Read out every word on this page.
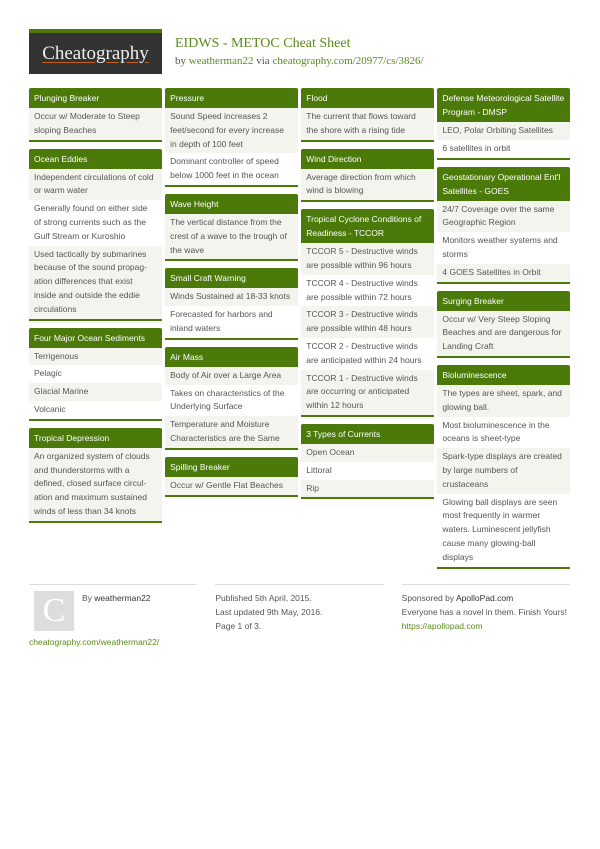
Cheatography EIDWS - METOC Cheat Sheet
by weatherman22 via cheatography.com/20977/cs/3826/
Plunging Breaker
Occur w/ Moderate to Steep sloping Beaches
Ocean Eddies
Independent circulations of cold or warm water
Generally found on either side of strong currents such as the Gulf Stream or Kuroshio
Used tactically by submarines because of the sound propagation differences that exist inside and outside the eddie circulations
Four Major Ocean Sediments
Terrigenous
Pelagic
Glacial Marine
Volcanic
Tropical Depression
An organized system of clouds and thunderstorms with a defined, closed surface circulation and maximum sustained winds of less than 34 knots
Pressure
Sound Speed increases 2 feet/second for every increase in depth of 100 feet
Dominant controller of speed below 1000 feet in the ocean
Wave Height
The vertical distance from the crest of a wave to the trough of the wave
Small Craft Warning
Winds Sustained at 18-33 knots
Forecasted for harbors and inland waters
Air Mass
Body of Air over a Large Area
Takes on characteristics of the Underlying Surface
Temperature and Moisture Characteristics are the Same
Spilling Breaker
Occur w/ Gentle Flat Beaches
Flood
The current that flows toward the shore with a rising tide
Wind Direction
Average direction from which wind is blowing
Tropical Cyclone Conditions of Readiness - TCCOR
TCCOR 5 - Destructive winds are possible within 96 hours
TCCOR 4 - Destructive winds are possible within 72 hours
TCCOR 3 - Destructive winds are possible within 48 hours
TCCOR 2 - Destructive winds are anticipated within 24 hours
TCCOR 1 - Destructive winds are occurring or anticipated within 12 hours
3 Types of Currents
Open Ocean
Littoral
Rip
Defense Meteorological Satellite Program - DMSP
LEO, Polar Orbiting Satellites
6 satellites in orbit
Geostationary Operational Ent'l Satellites - GOES
24/7 Coverage over the same Geographic Region
Monitors weather systems and storms
4 GOES Satellites in Orbit
Surging Breaker
Occur w/ Very Steep Sloping Beaches and are dangerous for Landing Craft
Bioluminescence
The types are sheet, spark, and glowing ball.
Most bioluminescence in the oceans is sheet-type
Spark-type displays are created by large numbers of crustaceans
Glowing ball displays are seen most frequently in warmer waters. Luminescent jellyfish cause many glowing-ball displays
C	By weatherman22
cheatography.com/weatherman22/
Published 5th April, 2015.
Last updated 9th May, 2016.
Page 1 of 3.
Sponsored by ApolloPad.com
Everyone has a novel in them. Finish Yours!
https://apollopad.com
